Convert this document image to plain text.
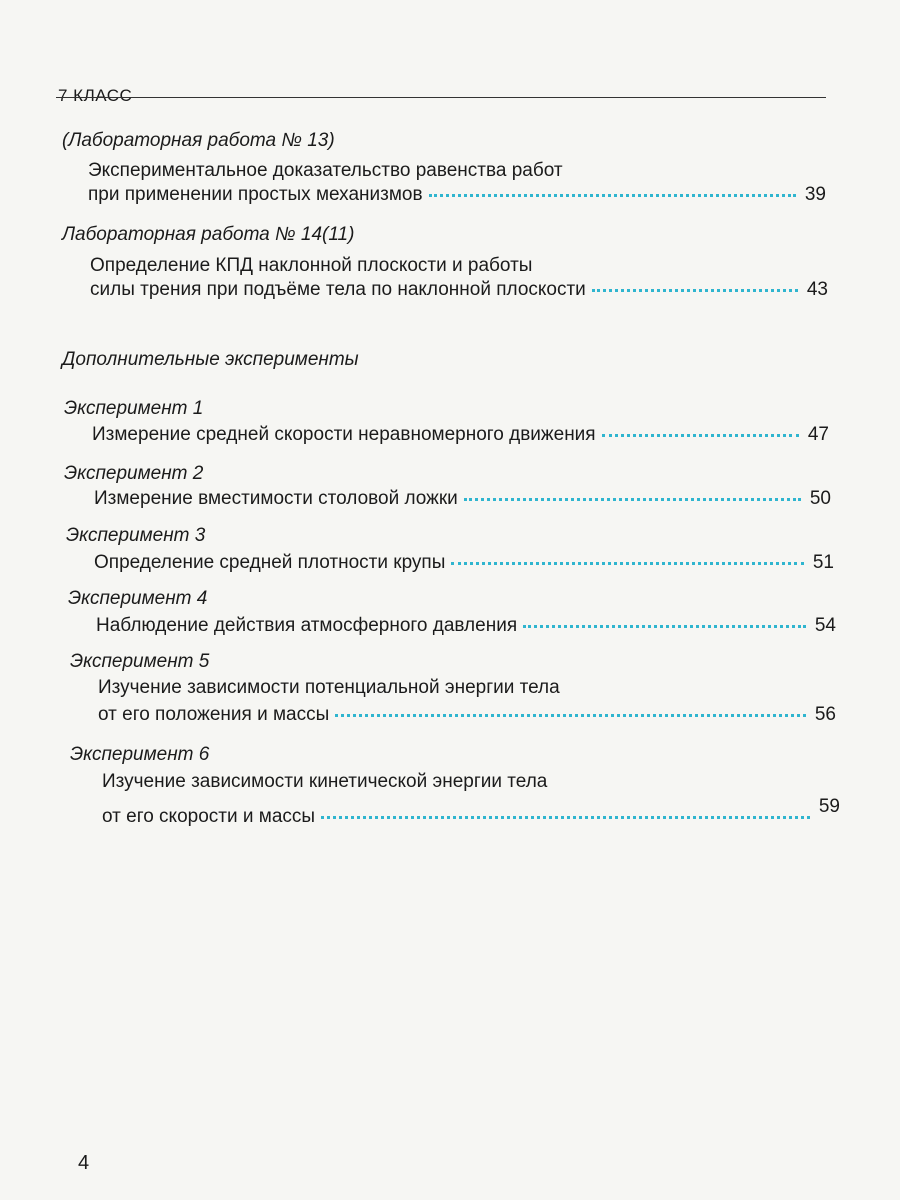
7 КЛАСС
(Лабораторная работа № 13)
Экспериментальное доказательство равенства работ
при применении простых механизмов	39
Лабораторная работа № 14(11)
Определение КПД наклонной плоскости и работы
силы трения при подъёме тела по наклонной плоскости	43
Дополнительные эксперименты
Эксперимент 1
Измерение средней скорости неравномерного движения	47
Эксперимент 2
Измерение вместимости столовой ложки	50
Эксперимент 3
Определение средней плотности крупы	51
Эксперимент 4
Наблюдение действия атмосферного давления	54
Эксперимент 5
Изучение зависимости потенциальной энергии тела
от его положения и массы	56
Эксперимент 6
Изучение зависимости кинетической энергии тела
от его скорости и массы	59
4
